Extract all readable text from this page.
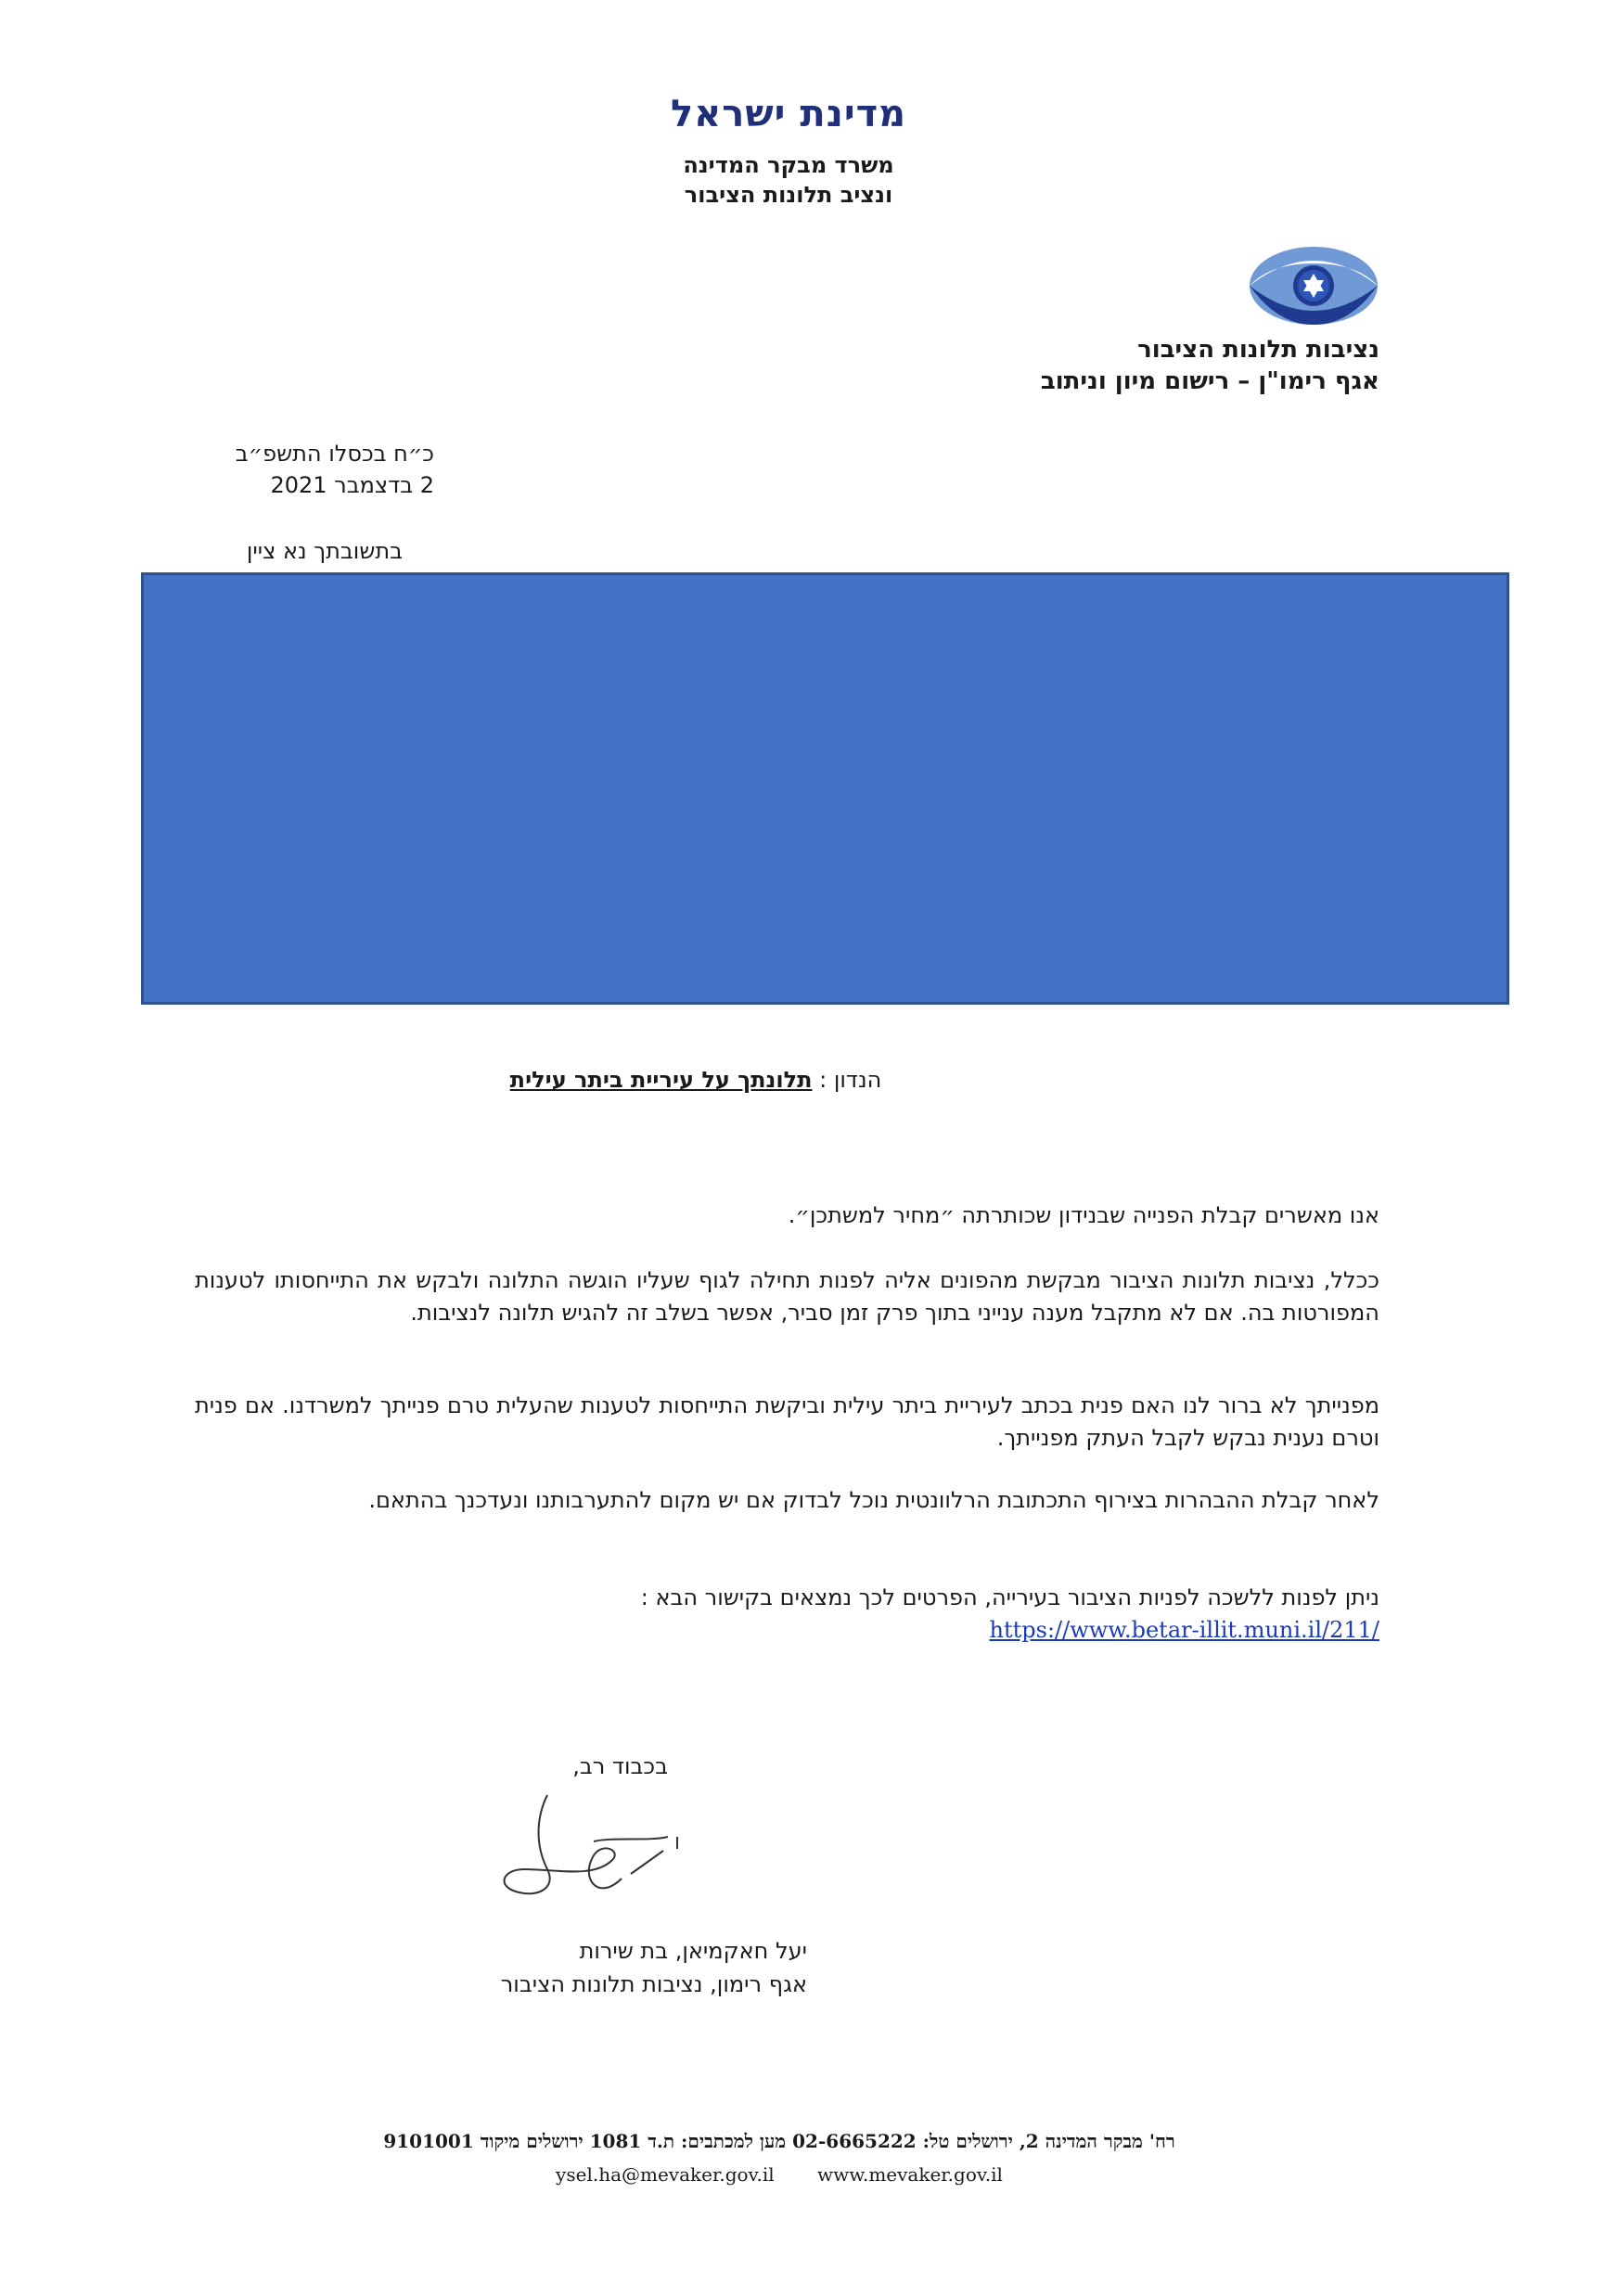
מדינת ישראל
משרד מבקר המדינה
ונציב תלונות הציבור
נציבות תלונות הציבור
אגף רימו"ן – רישום מיון וניתוב
כ״ח בכסלו התשפ״ב
2 בדצמבר 2021
בתשובתך נא ציין
הנדון : תלונתך על עיריית ביתר עילית
אנו מאשרים קבלת הפנייה שבנידון שכותרתה ״מחיר למשתכן״.
ככלל, נציבות תלונות הציבור מבקשת מהפונים אליה לפנות תחילה לגוף שעליו הוגשה התלונה ולבקש את התייחסותו לטענות המפורטות בה. אם לא מתקבל מענה ענייני בתוך פרק זמן סביר, אפשר בשלב זה להגיש תלונה לנציבות.
מפנייתך לא ברור לנו האם פנית בכתב לעיריית ביתר עילית וביקשת התייחסות לטענות שהעלית טרם פנייתך למשרדנו. אם פנית וטרם נענית נבקש לקבל העתק מפנייתך.
לאחר קבלת ההבהרות בצירוף התכתובת הרלוונטית נוכל לבדוק אם יש מקום להתערבותנו ונעדכנך בהתאם.
ניתן לפנות ללשכה לפניות הציבור בעירייה, הפרטים לכך נמצאים בקישור הבא :
https://www.betar-illit.muni.il/211/
בכבוד רב,
יעל חאקמיאן, בת שירות
אגף רימון, נציבות תלונות הציבור
רח' מבקר המדינה 2, ירושלים טל: 02-6665222 מען למכתבים: ת.ד 1081 ירושלים מיקוד 9101001
ysel.ha@mevaker.gov.il www.mevaker.gov.il
